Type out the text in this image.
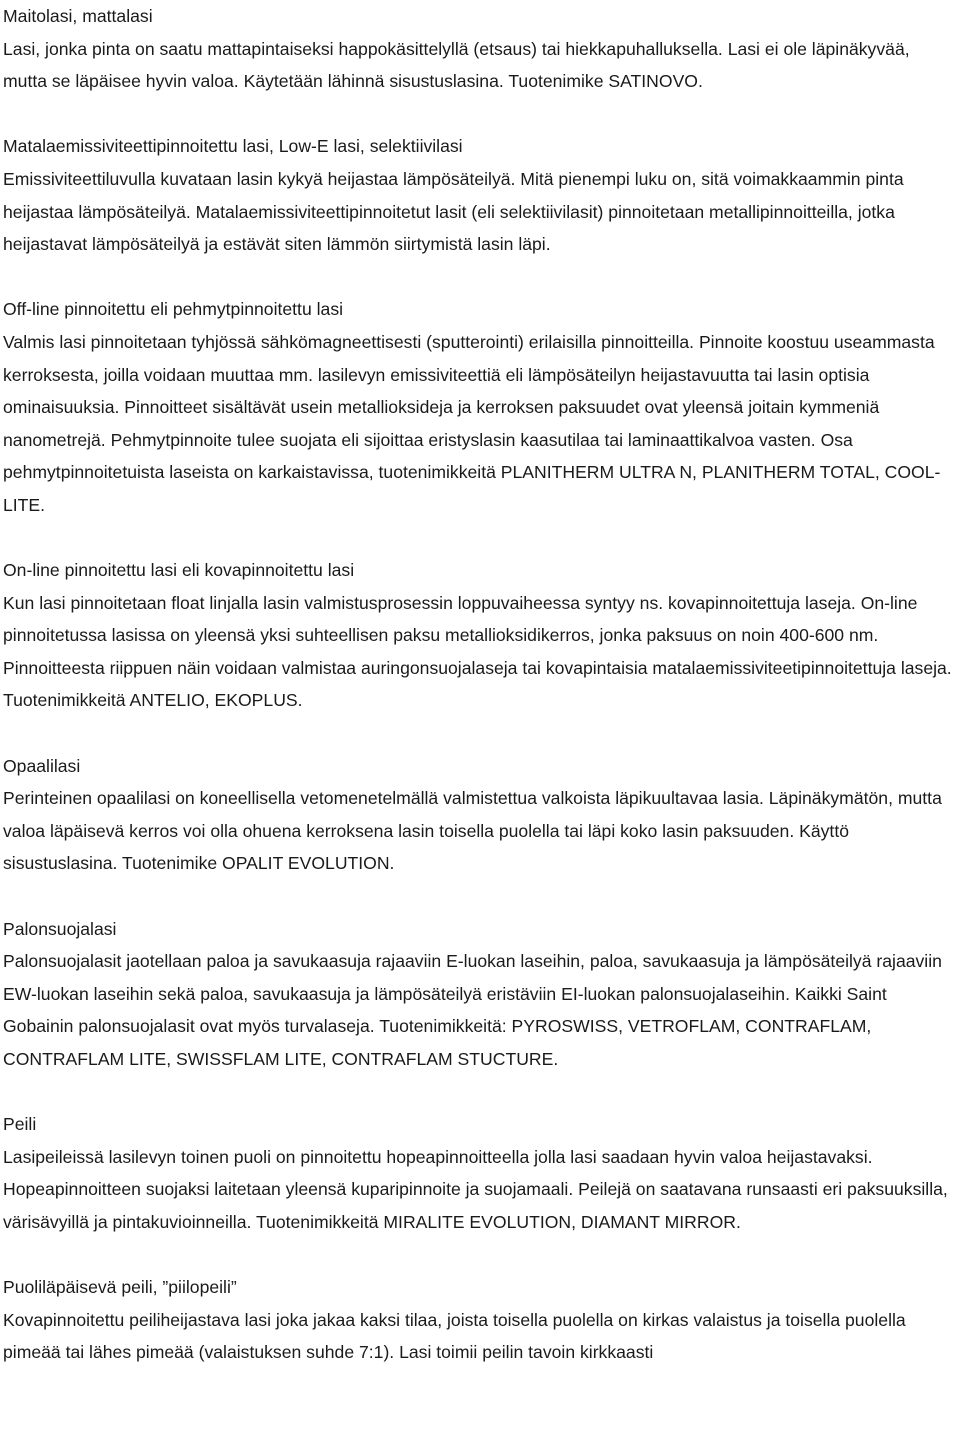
Maitolasi, mattalasi
Lasi, jonka pinta on saatu mattapintaiseksi happokäsittelyllä (etsaus) tai hiekkapuhalluksella. Lasi ei ole läpinäkyvää, mutta se läpäisee hyvin valoa. Käytetään lähinnä sisustuslasina. Tuotenimike SATINOVO.
Matalaemissiviteettipinnoitettu lasi, Low-E lasi, selektiivilasi
Emissiviteettiluvulla kuvataan lasin kykyä heijastaa lämpösäteilyä. Mitä pienempi luku on, sitä voimakkaammin pinta heijastaa lämpösäteilyä. Matalaemissiviteettipinnoitetut lasit (eli selektiivilasit) pinnoitetaan metallipinnoitteilla, jotka heijastavat lämpösäteilyä ja estävät siten lämmön siirtymistä lasin läpi.
Off-line pinnoitettu eli pehmytpinnoitettu lasi
Valmis lasi pinnoitetaan tyhjössä sähkömagneettisesti (sputterointi) erilaisilla pinnoitteilla. Pinnoite koostuu useammasta kerroksesta, joilla voidaan muuttaa mm. lasilevyn emissiviteettiä eli lämpösäteilyn heijastavuutta tai lasin optisia ominaisuuksia. Pinnoitteet sisältävät usein metallioksideja ja kerroksen paksuudet ovat yleensä joitain kymmeniä nanometrejä. Pehmytpinnoite tulee suojata eli sijoittaa eristyslasin kaasutilaa tai laminaattikalvoa vasten. Osa pehmytpinnoitetuista laseista on karkaistavissa, tuotenimikkeitä PLANITHERM ULTRA N, PLANITHERM TOTAL, COOL-LITE.
On-line pinnoitettu lasi eli kovapinnoitettu lasi
Kun lasi pinnoitetaan float linjalla lasin valmistusprosessin loppuvaiheessa syntyy ns. kovapinnoitettuja laseja. On-line pinnoitetussa lasissa on yleensä yksi suhteellisen paksu metallioksidikerros, jonka paksuus on noin 400-600 nm. Pinnoitteesta riippuen näin voidaan valmistaa auringonsuojalaseja tai kovapintaisia matalaemissiviteetipinnoitettuja laseja. Tuotenimikkeitä ANTELIO, EKOPLUS.
Opaalilasi
Perinteinen opaalilasi on koneellisella vetomenetelmällä valmistettua valkoista läpikuultavaa lasia. Läpinäkymätön, mutta valoa läpäisevä kerros voi olla ohuena kerroksena lasin toisella puolella tai läpi koko lasin paksuuden. Käyttö sisustuslasina. Tuotenimike OPALIT EVOLUTION.
Palonsuojalasi
Palonsuojalasit jaotellaan paloa ja savukaasuja rajaaviin E-luokan laseihin, paloa, savukaasuja ja lämpösäteilyä rajaaviin EW-luokan laseihin sekä paloa, savukaasuja ja lämpösäteilyä eristäviin EI-luokan palonsuojalaseihin. Kaikki Saint Gobainin palonsuojalasit ovat myös turvalaseja. Tuotenimikkeitä: PYROSWISS, VETROFLAM, CONTRAFLAM, CONTRAFLAM LITE, SWISSFLAM LITE, CONTRAFLAM STUCTURE.
Peili
Lasipeileissä lasilevyn toinen puoli on pinnoitettu hopeapinnoitteella jolla lasi saadaan hyvin valoa heijastavaksi. Hopeapinnoitteen suojaksi laitetaan yleensä kuparipinnoite ja suojamaali. Peilejä on saatavana runsaasti eri paksuuksilla, värisävyillä ja pintakuvioinneilla. Tuotenimikkeitä MIRALITE EVOLUTION, DIAMANT MIRROR.
Puoliläpäisevä peili, ”piilopeili”
Kovapinnoitettu peiliheijastava lasi joka jakaa kaksi tilaa, joista toisella puolella on kirkas valaistus ja toisella puolella pimeää tai lähes pimeää (valaistuksen suhde 7:1). Lasi toimii peilin tavoin kirkkaasti
